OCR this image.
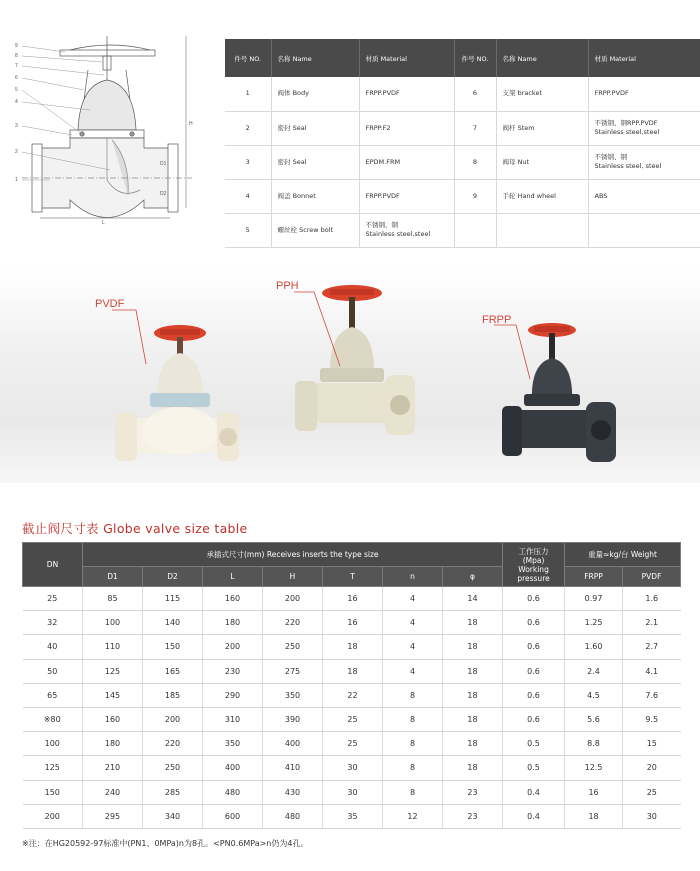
9
8
7
6
5
4
3
2
1
H
L
D1
D2
件号 NO.	名称 Name	材质 Material	件号 NO.	名称 Name	材质 Material
1	阀体 Body	FRPP.PVDF	6	支架 bracket	FRPP.PVDF
2	密封 Seal	FRPP.F2	7	阀杆 Stem	不锈钢、钢RPP.PVDF
Stainless steel,steel
3	密封 Seal	EPDM.FRM	8	阀母 Nut	不锈钢、钢
Stainless steel, steel
4	阀盖 Bonnet	FRPP.PVDF	9	手轮 Hand wheel	ABS
5	螺丝栓 Screw bolt	不锈钢、钢
Stainless steel,steel			
PVDF
PPH
FRPP
截止阀尺寸表 Globe valve size table
DN	承插式尺寸(mm) Receives inserts the type size							工作压力
(Mpa)
Working
pressure	重量≈kg/台 Weight	
	D1	D2	L	H	T	n	φ		FRPP	PVDF
25	85	115	160	200	16	4	14	0.6	0.97	1.6
32	100	140	180	220	16	4	18	0.6	1.25	2.1
40	110	150	200	250	18	4	18	0.6	1.60	2.7
50	125	165	230	275	18	4	18	0.6	2.4	4.1
65	145	185	290	350	22	8	18	0.6	4.5	7.6
※80	160	200	310	390	25	8	18	0.6	5.6	9.5
100	180	220	350	400	25	8	18	0.5	8.8	15
125	210	250	400	410	30	8	18	0.5	12.5	20
150	240	285	480	430	30	8	23	0.4	16	25
200	295	340	600	480	35	12	23	0.4	18	30
※注：在HG20592-97标准中(PN1、0MPa)n为8孔。<PN0.6MPa>n仍为4孔。
